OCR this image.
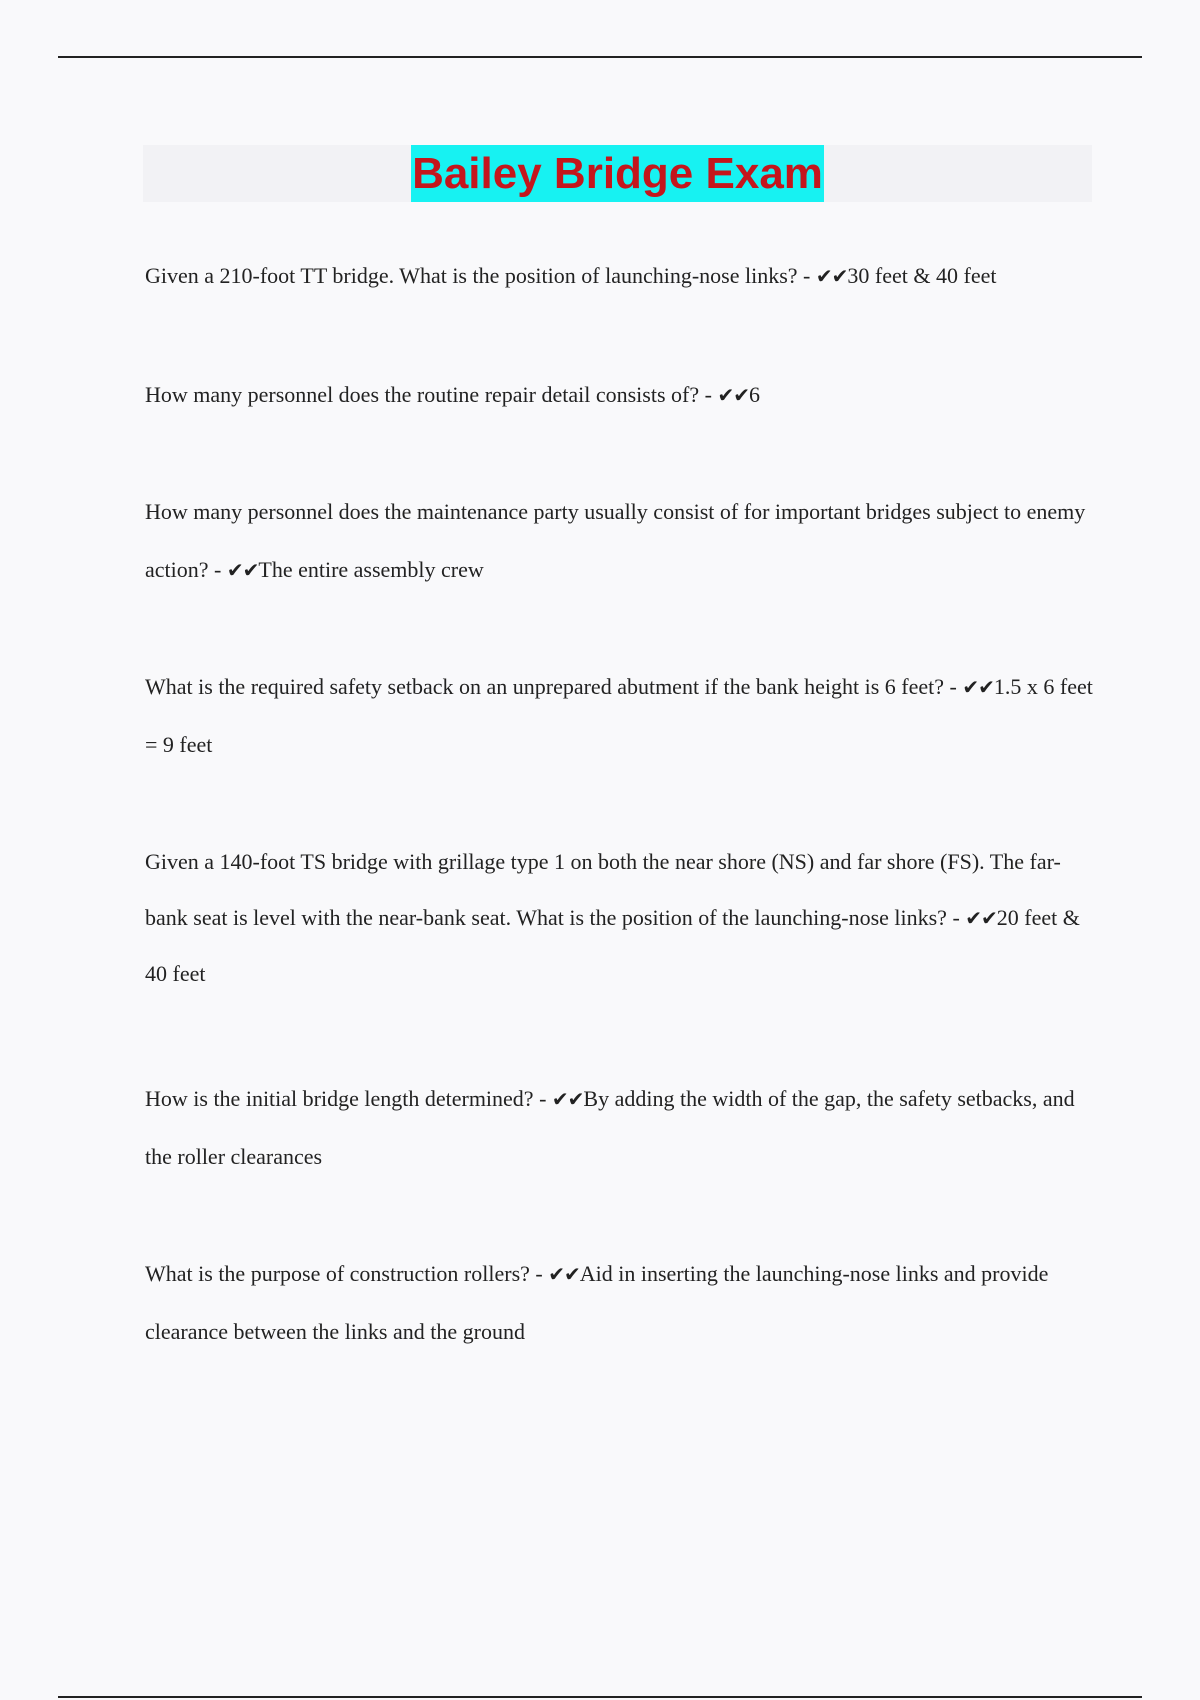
Bailey Bridge Exam

Given a 210-foot TT bridge. What is the position of launching-nose links? - ✔✔30 feet & 40 feet

How many personnel does the routine repair detail consists of? - ✔✔6

How many personnel does the maintenance party usually consist of for important bridges subject to enemy action? - ✔✔The entire assembly crew

What is the required safety setback on an unprepared abutment if the bank height is 6 feet? - ✔✔1.5 x 6 feet = 9 feet

Given a 140-foot TS bridge with grillage type 1 on both the near shore (NS) and far shore (FS). The far-bank seat is level with the near-bank seat. What is the position of the launching-nose links? - ✔✔20 feet & 40 feet

How is the initial bridge length determined? - ✔✔By adding the width of the gap, the safety setbacks, and the roller clearances

What is the purpose of construction rollers? - ✔✔Aid in inserting the launching-nose links and provide clearance between the links and the ground
